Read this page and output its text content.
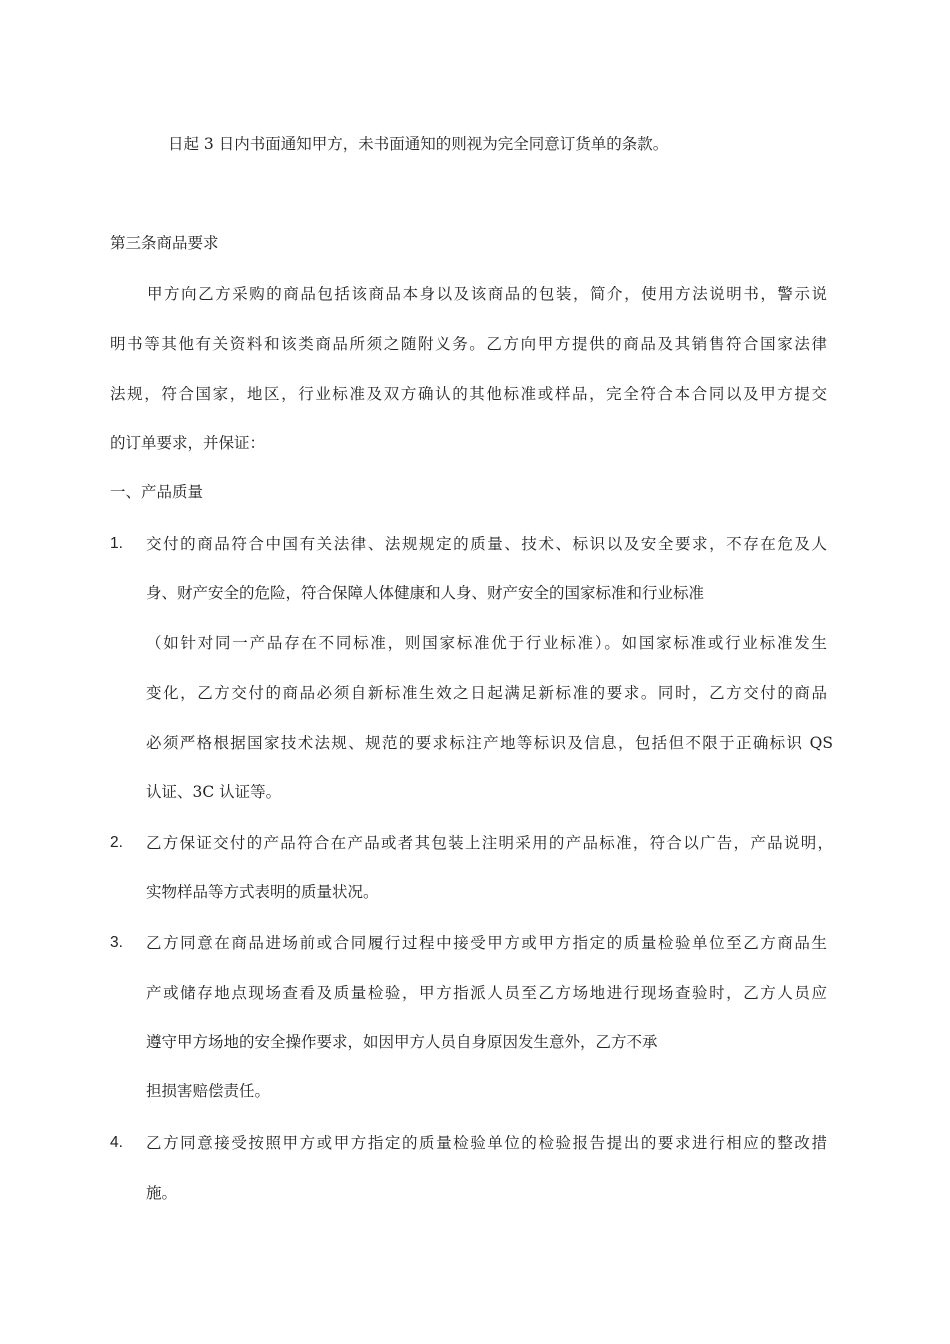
日起 3 日内书面通知甲方，未书面通知的则视为完全同意订货单的条款。
第三条商品要求
甲方向乙方采购的商品包括该商品本身以及该商品的包装，简介，使用方法说明书，警示说
明书等其他有关资料和该类商品所须之随附义务。乙方向甲方提供的商品及其销售符合国家法律
法规，符合国家，地区，行业标准及双方确认的其他标准或样品，完全符合本合同以及甲方提交
的订单要求，并保证：
一、产品质量
1. 交付的商品符合中国有关法律、法规规定的质量、技术、标识以及安全要求，不存在危及人
身、财产安全的危险，符合保障人体健康和人身、财产安全的国家标准和行业标准
（如针对同一产品存在不同标准，则国家标准优于行业标准）。如国家标准或行业标准发生
变化，乙方交付的商品必须自新标准生效之日起满足新标准的要求。同时，乙方交付的商品
必须严格根据国家技术法规、规范的要求标注产地等标识及信息，包括但不限于正确标识 QS
认证、3C 认证等。
2. 乙方保证交付的产品符合在产品或者其包装上注明采用的产品标准，符合以广告，产品说明，
实物样品等方式表明的质量状况。
3. 乙方同意在商品进场前或合同履行过程中接受甲方或甲方指定的质量检验单位至乙方商品生
产或储存地点现场查看及质量检验，甲方指派人员至乙方场地进行现场查验时，乙方人员应
遵守甲方场地的安全操作要求，如因甲方人员自身原因发生意外，乙方不承
担损害赔偿责任。
4. 乙方同意接受按照甲方或甲方指定的质量检验单位的检验报告提出的要求进行相应的整改措
施。
